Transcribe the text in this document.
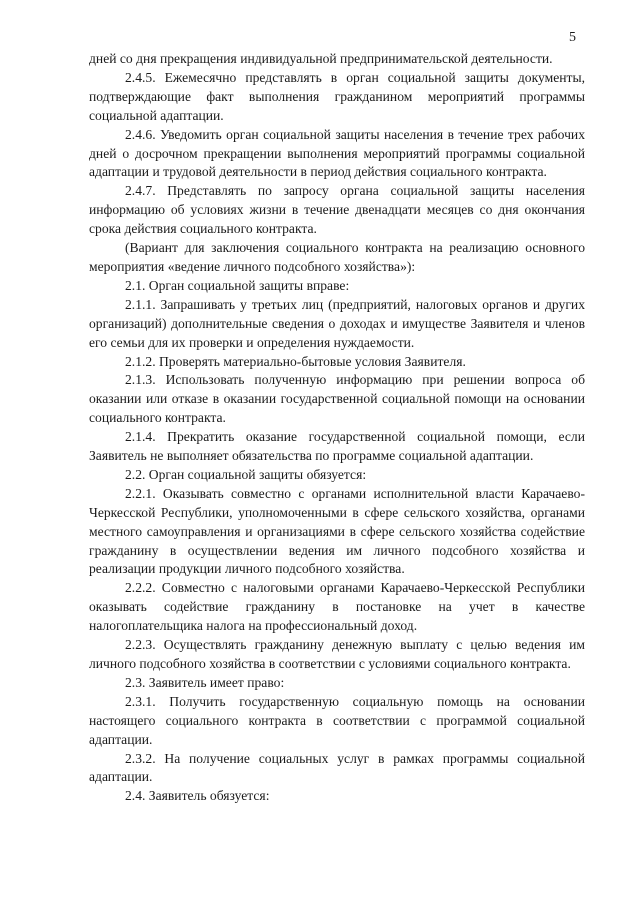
5

дней со дня прекращения индивидуальной предпринимательской деятельности.

2.4.5. Ежемесячно представлять в орган социальной защиты документы, подтверждающие факт выполнения гражданином мероприятий программы социальной адаптации.

2.4.6. Уведомить орган социальной защиты населения в течение трех рабочих дней о досрочном прекращении выполнения мероприятий программы социальной адаптации и трудовой деятельности в период действия социального контракта.

2.4.7. Представлять по запросу органа социальной защиты населения информацию об условиях жизни в течение двенадцати месяцев со дня окончания срока действия социального контракта.

(Вариант для заключения социального контракта на реализацию основного мероприятия «ведение личного подсобного хозяйства»):

2.1. Орган социальной защиты вправе:

2.1.1. Запрашивать у третьих лиц (предприятий, налоговых органов и других организаций) дополнительные сведения о доходах и имуществе Заявителя и членов его семьи для их проверки и определения нуждаемости.

2.1.2. Проверять материально-бытовые условия Заявителя.

2.1.3. Использовать полученную информацию при решении вопроса об оказании или отказе в оказании государственной социальной помощи на основании социального контракта.

2.1.4. Прекратить оказание государственной социальной помощи, если Заявитель не выполняет обязательства по программе социальной адаптации.

2.2. Орган социальной защиты обязуется:

2.2.1. Оказывать совместно с органами исполнительной власти Карачаево-Черкесской Республики, уполномоченными в сфере сельского хозяйства, органами местного самоуправления и организациями в сфере сельского хозяйства содействие гражданину в осуществлении ведения им личного подсобного хозяйства и реализации продукции личного подсобного хозяйства.

2.2.2. Совместно с налоговыми органами Карачаево-Черкесской Республики оказывать содействие гражданину в постановке на учет в качестве налогоплательщика налога на профессиональный доход.

2.2.3. Осуществлять гражданину денежную выплату с целью ведения им личного подсобного хозяйства в соответствии с условиями социального контракта.

2.3. Заявитель имеет право:

2.3.1. Получить государственную социальную помощь на основании настоящего социального контракта в соответствии с программой социальной адаптации.

2.3.2. На получение социальных услуг в рамках программы социальной адаптации.

2.4. Заявитель обязуется:
